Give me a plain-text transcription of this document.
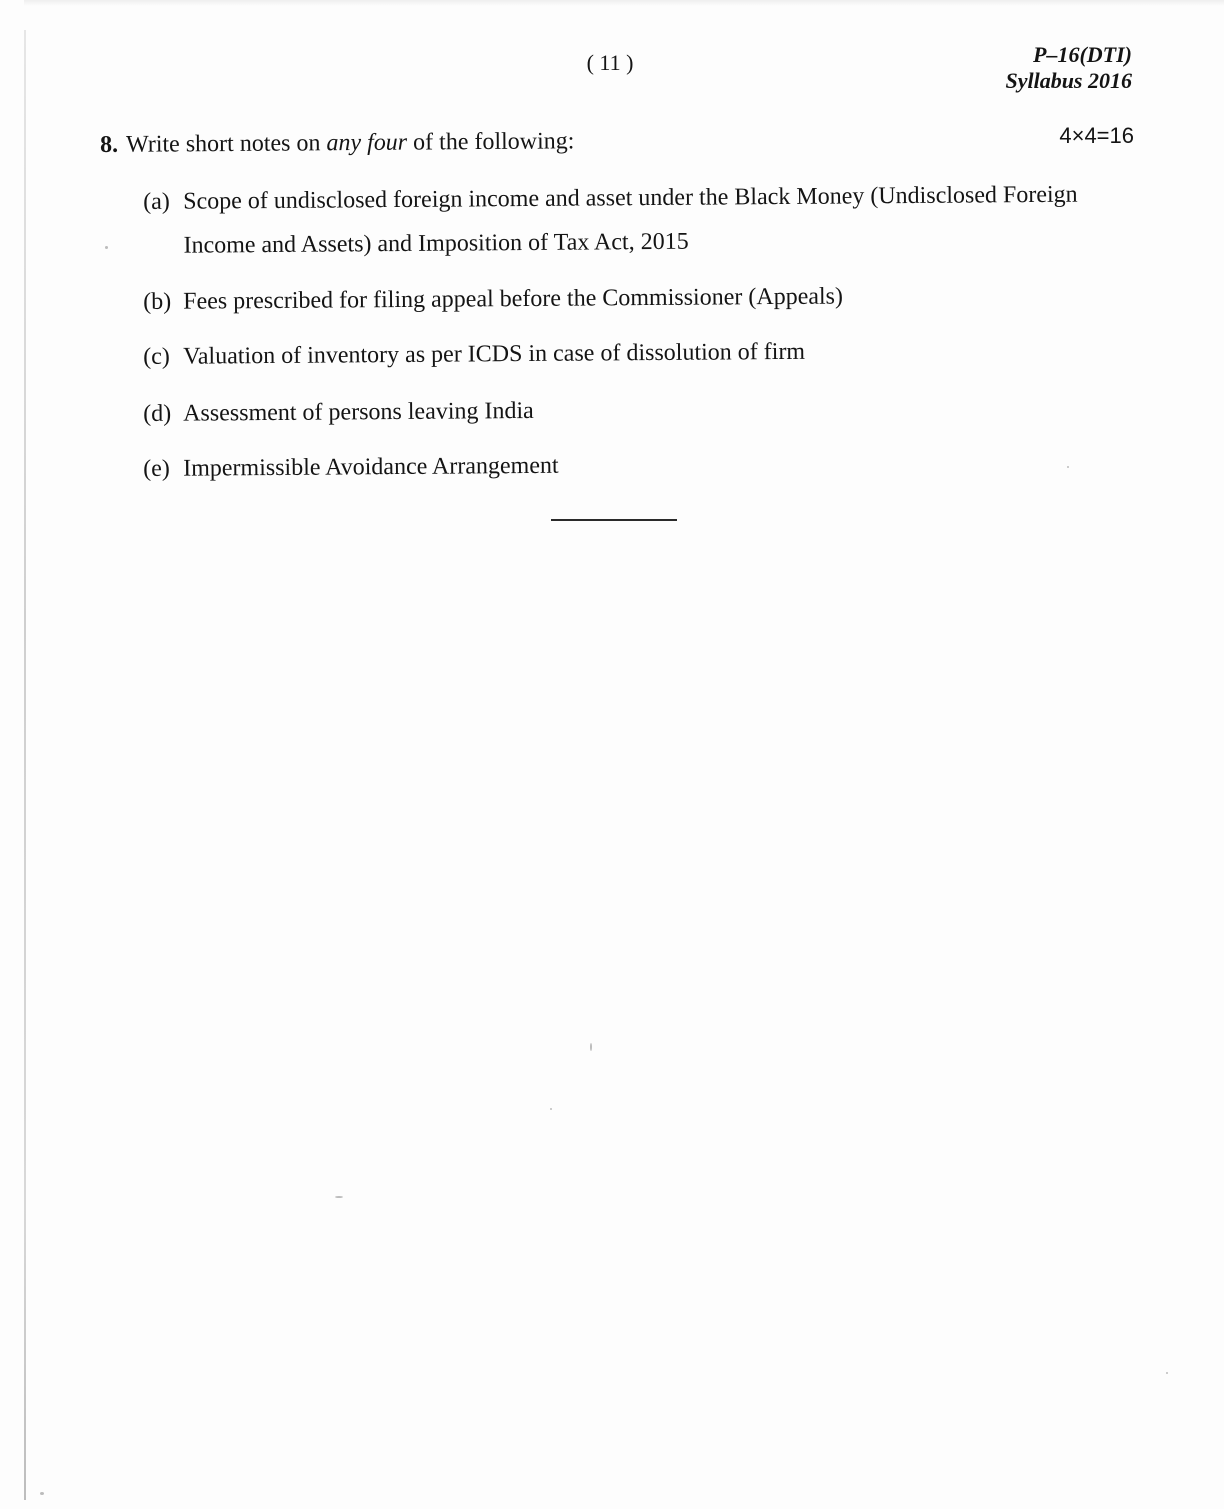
( 11 )	P–16(DTI)
Syllabus 2016
4×4=16
8. Write short notes on any four of the following:
(a) Scope of undisclosed foreign income and asset under the Black Money (Undisclosed Foreign
Income and Assets) and Imposition of Tax Act, 2015
(b) Fees prescribed for filing appeal before the Commissioner (Appeals)
(c) Valuation of inventory as per ICDS in case of dissolution of firm
(d) Assessment of persons leaving India
(e) Impermissible Avoidance Arrangement
